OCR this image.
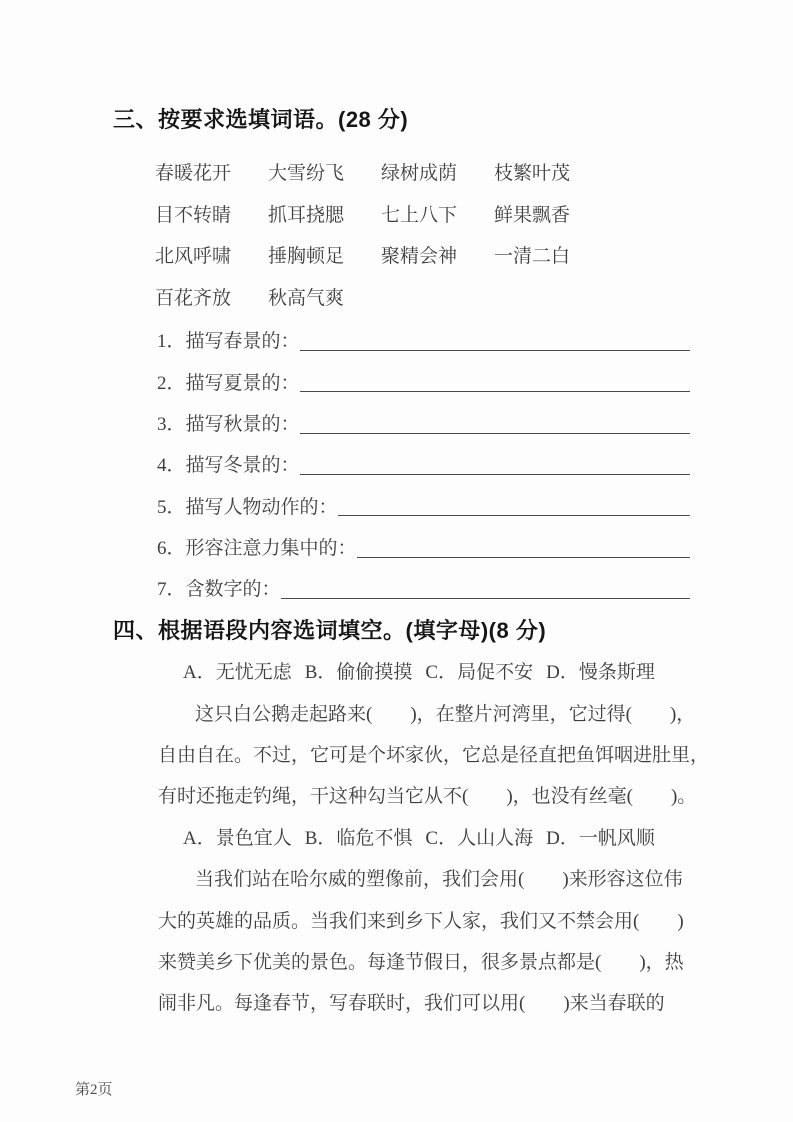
三、按要求选填词语。(28 分)
春暖花开	大雪纷飞	绿树成荫	枝繁叶茂
目不转睛	抓耳挠腮	七上八下	鲜果飘香
北风呼啸	捶胸顿足	聚精会神	一清二白
百花齐放	秋高气爽
1．描写春景的：
2．描写夏景的：
3．描写秋景的：
4．描写冬景的：
5．描写人物动作的：
6．形容注意力集中的：
7．含数字的：
四、根据语段内容选词填空。(填字母)(8 分)
A．无忧无虑 B．偷偷摸摸 C．局促不安 D．慢条斯理
这只白公鹅走起路来(　　)，在整片河湾里，它过得(　　)，
自由自在。不过，它可是个坏家伙，它总是径直把鱼饵咽进肚里，
有时还拖走钓绳，干这种勾当它从不(　　)，也没有丝毫(　　)。
A．景色宜人 B．临危不惧 C．人山人海 D．一帆风顺
当我们站在哈尔威的塑像前，我们会用(　　)来形容这位伟
大的英雄的品质。当我们来到乡下人家，我们又不禁会用(　　)
来赞美乡下优美的景色。每逢节假日，很多景点都是(　　)，热
闹非凡。每逢春节，写春联时，我们可以用(　　)来当春联的
第2页
